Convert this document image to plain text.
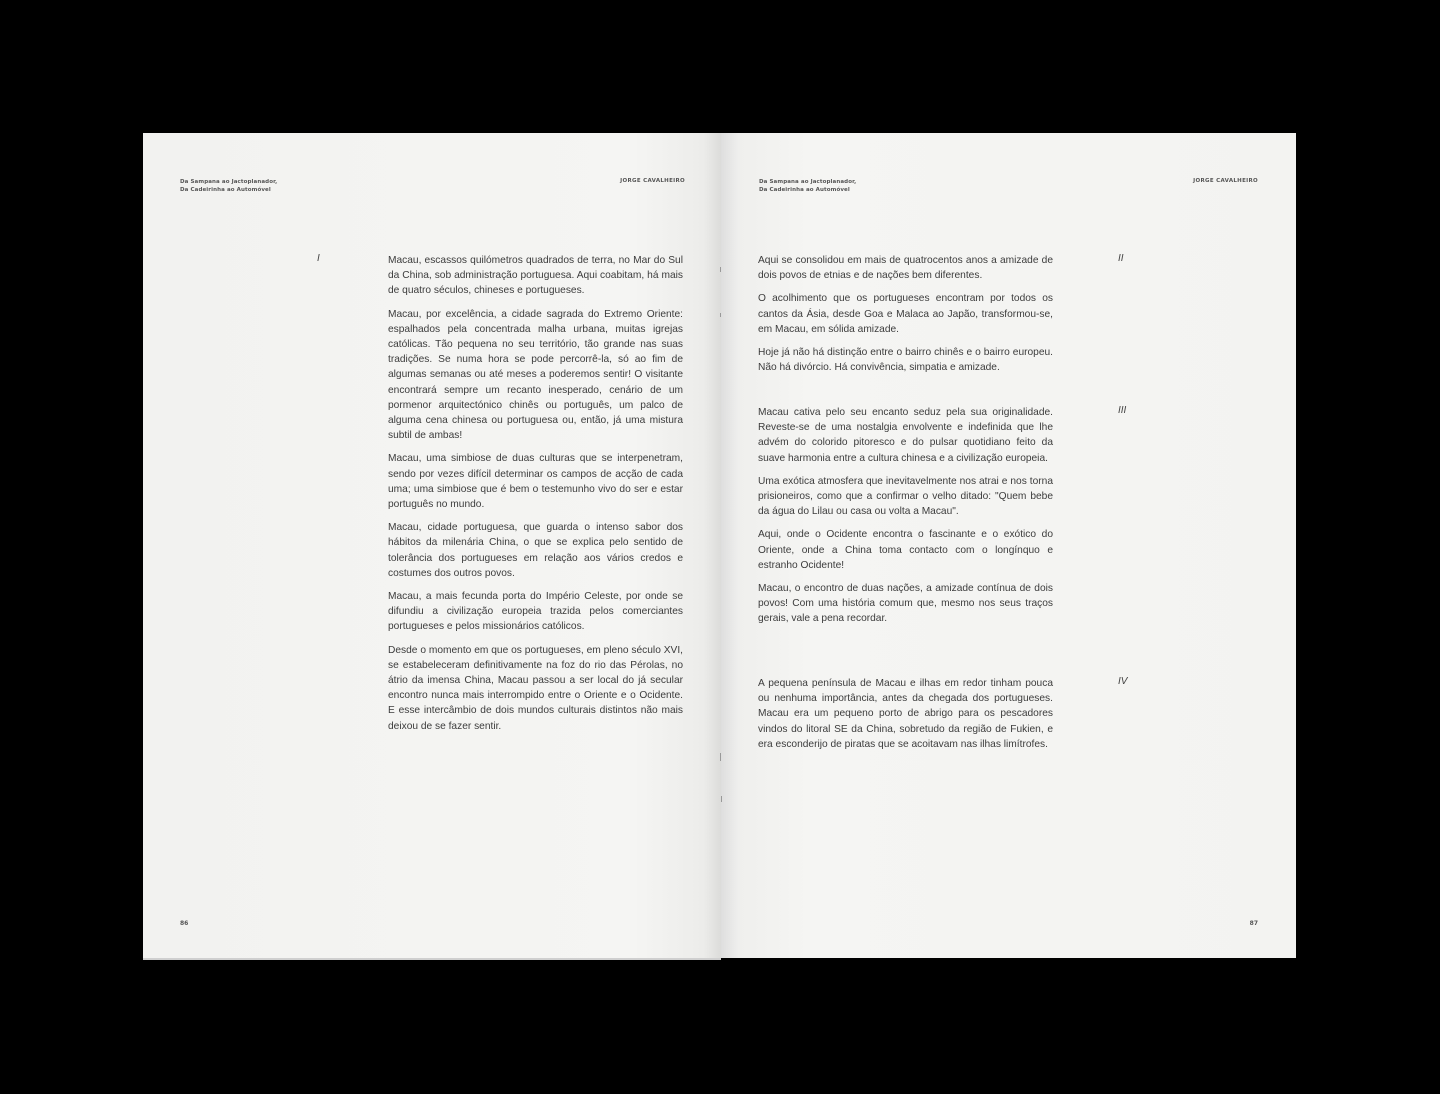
Da Sampana ao Jactoplanador,
Da Cadeirinha ao Automóvel
JORGE CAVALHEIRO
I	Macau, escassos quilómetros quadrados de terra, no Mar do Sul da China, sob administração portuguesa. Aqui coabitam, há mais de quatro séculos, chineses e portugueses.

Macau, por excelência, a cidade sagrada do Extremo Oriente: espalhados pela concentrada malha urbana, muitas igrejas católicas. Tão pequena no seu território, tão grande nas suas tradições. Se numa hora se pode percorrê-la, só ao fim de algumas semanas ou até meses a poderemos sentir! O visitante encontrará sempre um recanto inesperado, cenário de um pormenor arquitectónico chinês ou português, um palco de alguma cena chinesa ou portuguesa ou, então, já uma mistura subtil de ambas!

Macau, uma simbiose de duas culturas que se interpenetram, sendo por vezes difícil determinar os campos de acção de cada uma; uma simbiose que é bem o testemunho vivo do ser e estar português no mundo.

Macau, cidade portuguesa, que guarda o intenso sabor dos hábitos da milenária China, o que se explica pelo sentido de tolerância dos portugueses em relação aos vários credos e costumes dos outros povos.

Macau, a mais fecunda porta do Império Celeste, por onde se difundiu a civilização europeia trazida pelos comerciantes portugueses e pelos missionários católicos.

Desde o momento em que os portugueses, em pleno século XVI, se estabeleceram definitivamente na foz do rio das Pérolas, no átrio da imensa China, Macau passou a ser local do já secular encontro nunca mais interrompido entre o Oriente e o Ocidente. E esse intercâmbio de dois mundos culturais distintos não mais deixou de se fazer sentir.

86
Da Sampana ao Jactoplanador,
Da Cadeirinha ao Automóvel
JORGE CAVALHEIRO
II

Aqui se consolidou em mais de quatrocentos anos a amizade de dois povos de etnias e de nações bem diferentes.

O acolhimento que os portugueses encontram por todos os cantos da Ásia, desde Goa e Malaca ao Japão, transformou-se, em Macau, em sólida amizade.

Hoje já não há distinção entre o bairro chinês e o bairro europeu. Não há divórcio. Há convivência, simpatia e amizade.

III

Macau cativa pelo seu encanto seduz pela sua originalidade. Reveste-se de uma nostalgia envolvente e indefinida que lhe advém do colorido pitoresco e do pulsar quotidiano feito da suave harmonia entre a cultura chinesa e a civilização europeia.

Uma exótica atmosfera que inevitavelmente nos atrai e nos torna prisioneiros, como que a confirmar o velho ditado: "Quem bebe da água do Lilau ou casa ou volta a Macau".

Aqui, onde o Ocidente encontra o fascinante e o exótico do Oriente, onde a China toma contacto com o longínquo e estranho Ocidente!

Macau, o encontro de duas nações, a amizade contínua de dois povos! Com uma história comum que, mesmo nos seus traços gerais, vale a pena recordar.

IV

A pequena península de Macau e ilhas em redor tinham pouca ou nenhuma importância, antes da chegada dos portugueses. Macau era um pequeno porto de abrigo para os pescadores vindos do litoral SE da China, sobretudo da região de Fukien, e era esconderijo de piratas que se acoitavam nas ilhas limítrofes.

87
